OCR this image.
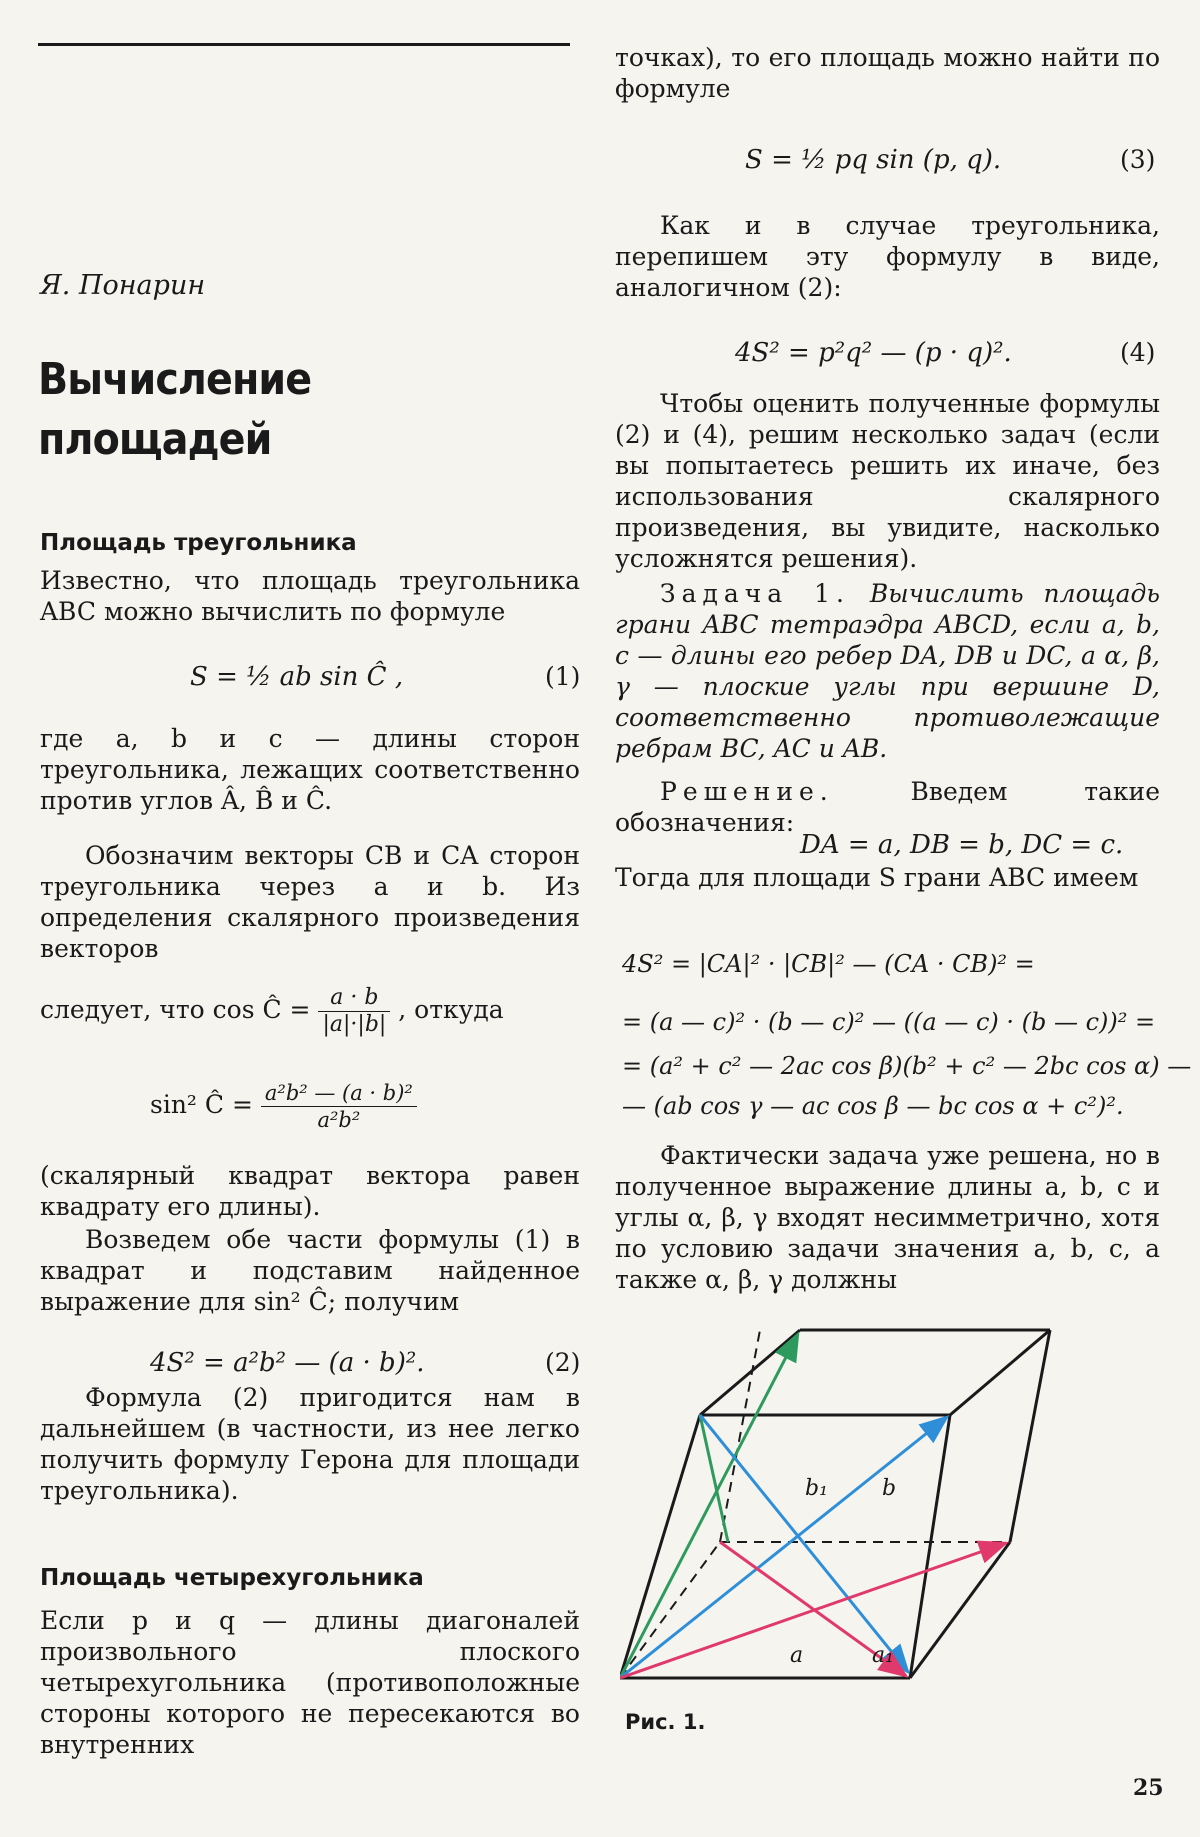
Я. Понарин
Вычисление
площадей

Площадь треугольника

Известно, что площадь треугольника ABC можно вычислить по формуле

S = ½ ab sin Ĉ ,	(1)

где a, b и c — длины сторон треугольника, лежащих соответственно против углов Â, B̂ и Ĉ.

Обозначим векторы CB и CA сторон треугольника через a и b. Из определения скалярного произведения векторов

следует, что cos Ĉ = $\frac{a \cdot b}{|a|\cdot|b|}$ , откуда
sin² Ĉ = $\frac{\text{a²b² — (a · b)²}}{\text{a²b²}}$

(скалярный квадрат вектора равен квадрату его длины).

Возведем обе части формулы (1) в квадрат и подставим найденное выражение для sin² Ĉ; получим

4S² = a²b² — (a · b)².	(2)

Формула (2) пригодится нам в дальнейшем (в частности, из нее легко получить формулу Герона для площади треугольника).

Площадь четырехугольника

Если p и q — длины диагоналей произвольного плоского четырехугольника (противоположные стороны которого не пересекаются во внутренних

точках), то его площадь можно найти по формуле

S = ½ pq sin (p, q).	(3)

Как и в случае треугольника, перепишем эту формулу в виде, аналогичном (2):

4S² = p²q² — (p · q)².	(4)

Чтобы оценить полученные формулы (2) и (4), решим несколько задач (если вы попытаетесь решить их иначе, без использования скалярного произведения, вы увидите, насколько усложнятся решения).

Задача 1. Вычислить площадь грани ABC тетраэдра ABCD, если a, b, c — длины его ребер DA, DB и DC, a α, β, γ — плоские углы при вершине D, соответственно противолежащие ребрам BC, AC и AB.

Решение.	Введем такие обозначения:

DA = a, DB = b, DC = c.

Тогда для площади S грани ABC имеем

4S² = |CA|² · |CB|² — (CA · CB)² =
= (a — c)² · (b — c)² — ((a — c) · (b — c))² =
= (a² + c² — 2ac cos β)(b² + c² — 2bc cos α) —
— (ab cos γ — ac cos β — bc cos α + c²)².

Фактически задача уже решена, но в полученное выражение длины a, b, c и углы α, β, γ входят несимметрично, хотя по условию задачи значения a, b, c, а также α, β, γ должны

b₁ b
a	a₁
Рис. 1.
25
